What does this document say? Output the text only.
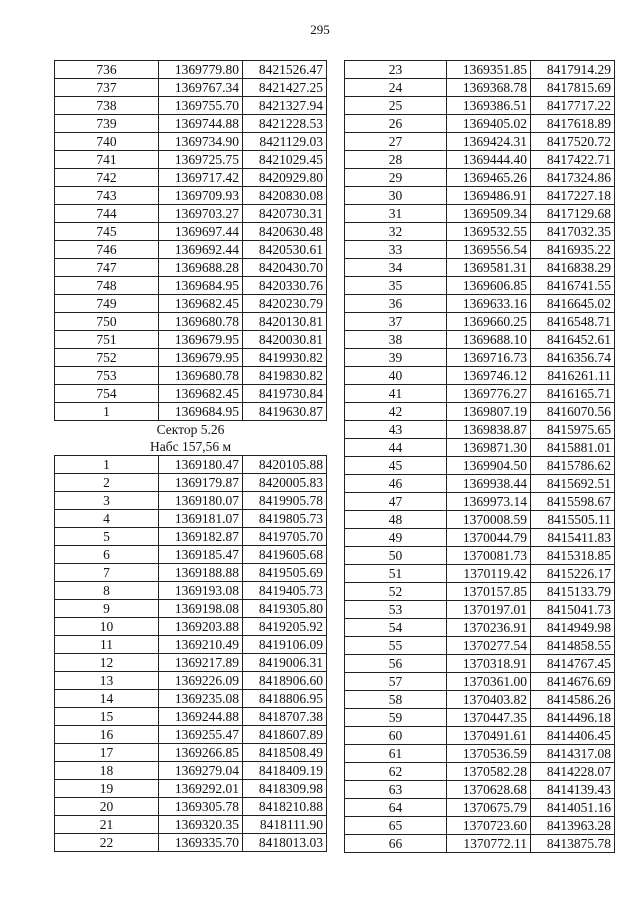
295
736	1369779.80	8421526.47
737	1369767.34	8421427.25
738	1369755.70	8421327.94
739	1369744.88	8421228.53
740	1369734.90	8421129.03
741	1369725.75	8421029.45
742	1369717.42	8420929.80
743	1369709.93	8420830.08
744	1369703.27	8420730.31
745	1369697.44	8420630.48
746	1369692.44	8420530.61
747	1369688.28	8420430.70
748	1369684.95	8420330.76
749	1369682.45	8420230.79
750	1369680.78	8420130.81
751	1369679.95	8420030.81
752	1369679.95	8419930.82
753	1369680.78	8419830.82
754	1369682.45	8419730.84
1	1369684.95	8419630.87
Сектор 5.26		
Набс 157,56 м		
1	1369180.47	8420105.88
2	1369179.87	8420005.83
3	1369180.07	8419905.78
4	1369181.07	8419805.73
5	1369182.87	8419705.70
6	1369185.47	8419605.68
7	1369188.88	8419505.69
8	1369193.08	8419405.73
9	1369198.08	8419305.80
10	1369203.88	8419205.92
11	1369210.49	8419106.09
12	1369217.89	8419006.31
13	1369226.09	8418906.60
14	1369235.08	8418806.95
15	1369244.88	8418707.38
16	1369255.47	8418607.89
17	1369266.85	8418508.49
18	1369279.04	8418409.19
19	1369292.01	8418309.98
20	1369305.78	8418210.88
21	1369320.35	8418111.90
22	1369335.70	8418013.03
23	1369351.85	8417914.29
24	1369368.78	8417815.69
25	1369386.51	8417717.22
26	1369405.02	8417618.89
27	1369424.31	8417520.72
28	1369444.40	8417422.71
29	1369465.26	8417324.86
30	1369486.91	8417227.18
31	1369509.34	8417129.68
32	1369532.55	8417032.35
33	1369556.54	8416935.22
34	1369581.31	8416838.29
35	1369606.85	8416741.55
36	1369633.16	8416645.02
37	1369660.25	8416548.71
38	1369688.10	8416452.61
39	1369716.73	8416356.74
40	1369746.12	8416261.11
41	1369776.27	8416165.71
42	1369807.19	8416070.56
43	1369838.87	8415975.65
44	1369871.30	8415881.01
45	1369904.50	8415786.62
46	1369938.44	8415692.51
47	1369973.14	8415598.67
48	1370008.59	8415505.11
49	1370044.79	8415411.83
50	1370081.73	8415318.85
51	1370119.42	8415226.17
52	1370157.85	8415133.79
53	1370197.01	8415041.73
54	1370236.91	8414949.98
55	1370277.54	8414858.55
56	1370318.91	8414767.45
57	1370361.00	8414676.69
58	1370403.82	8414586.26
59	1370447.35	8414496.18
60	1370491.61	8414406.45
61	1370536.59	8414317.08
62	1370582.28	8414228.07
63	1370628.68	8414139.43
64	1370675.79	8414051.16
65	1370723.60	8413963.28
66	1370772.11	8413875.78
